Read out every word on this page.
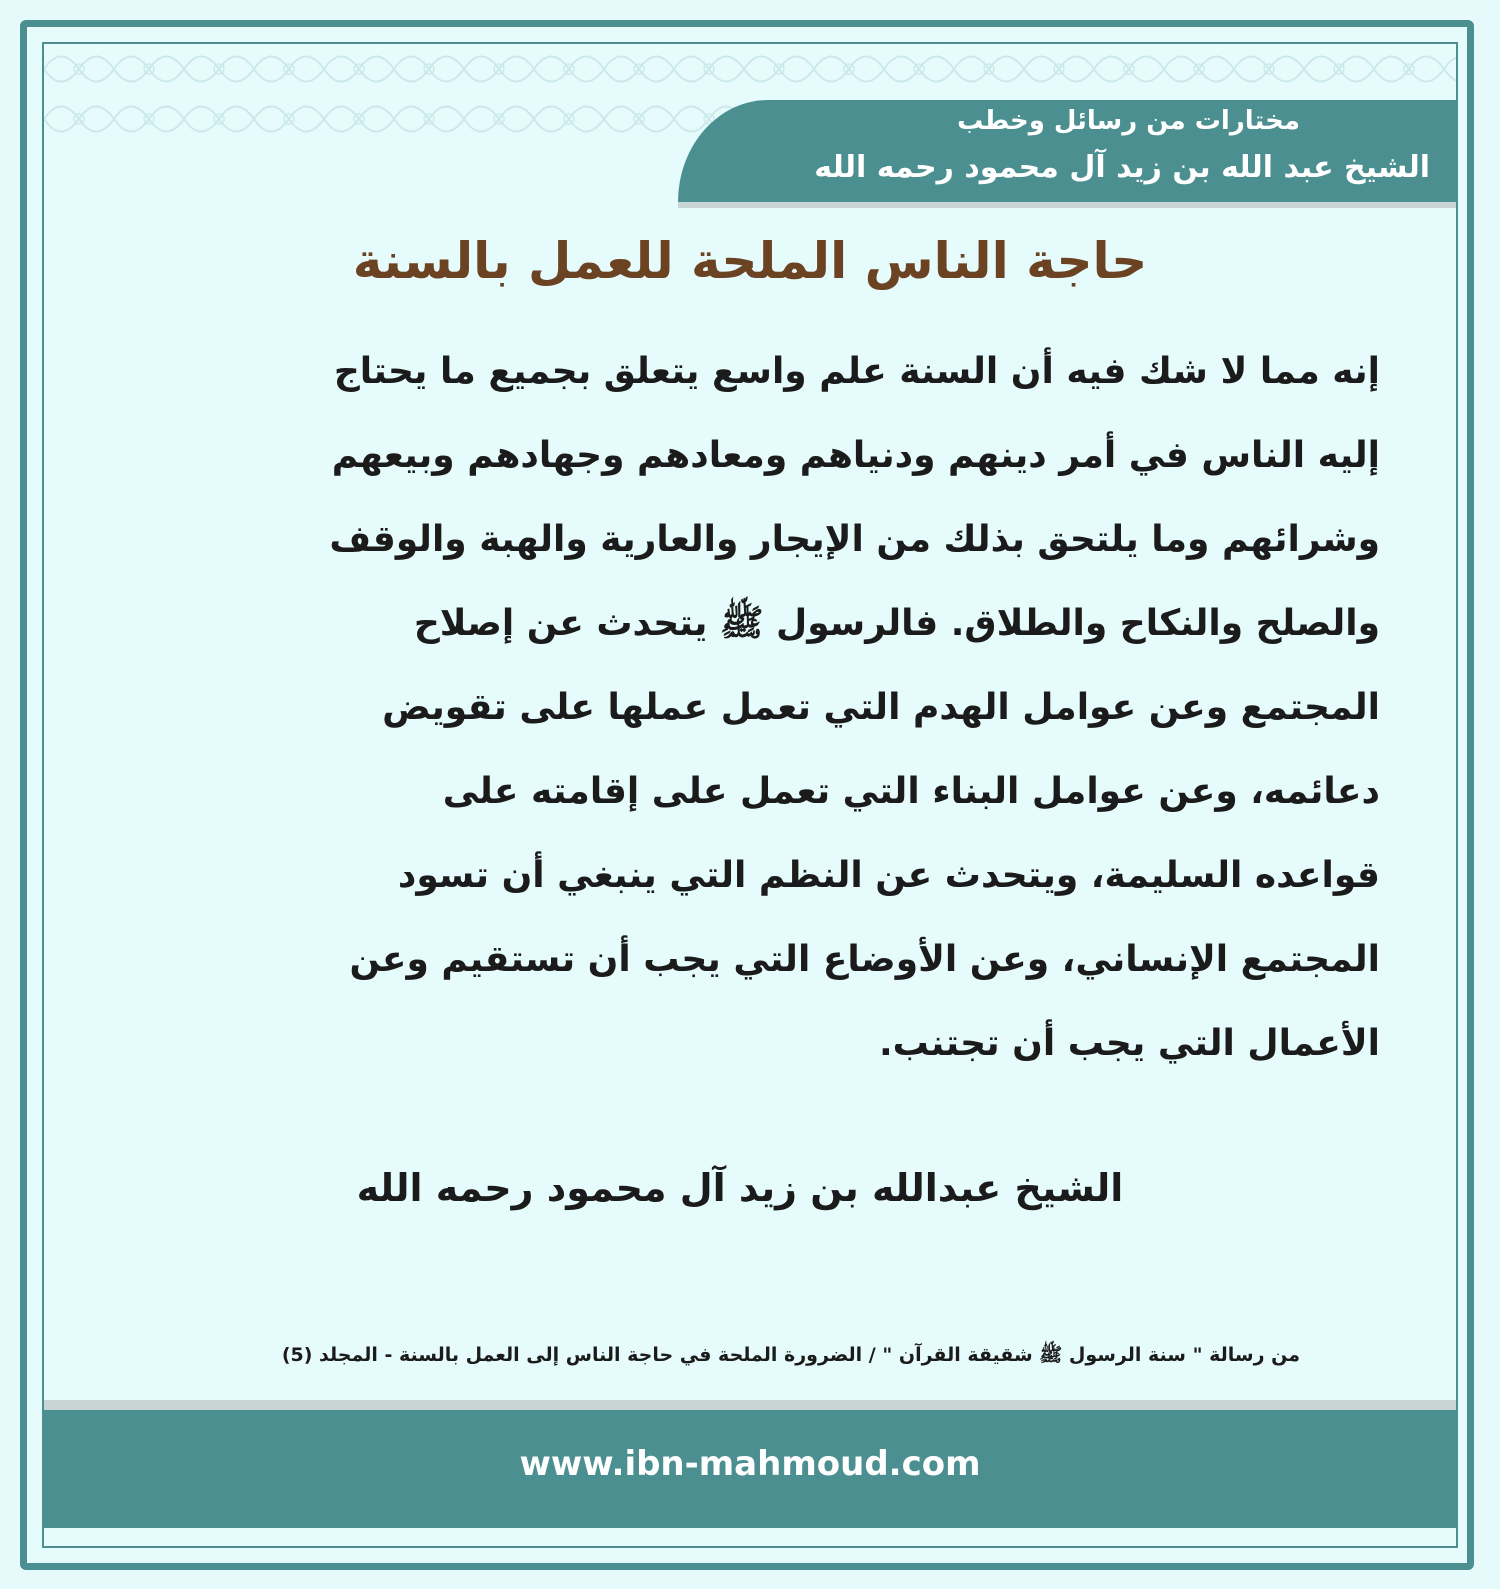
مختارات من رسائل وخطب
الشيخ عبد الله بن زيد آل محمود رحمه الله
حاجة الناس الملحة للعمل بالسنة
إنه مما لا شك فيه أن السنة علم واسع يتعلق بجميع ما يحتاج
إليه الناس في أمر دينهم ودنياهم ومعادهم وجهادهم وبيعهم
وشرائهم وما يلتحق بذلك من الإيجار والعارية والهبة والوقف
والصلح والنكاح والطلاق. فالرسول ﷺ يتحدث عن إصلاح
المجتمع وعن عوامل الهدم التي تعمل عملها على تقويض
دعائمه، وعن عوامل البناء التي تعمل على إقامته على
قواعده السليمة، ويتحدث عن النظم التي ينبغي أن تسود
المجتمع الإنساني، وعن الأوضاع التي يجب أن تستقيم وعن
الأعمال التي يجب أن تجتنب.
الشيخ عبدالله بن زيد آل محمود رحمه الله
من رسالة " سنة الرسول ﷺ شقيقة القرآن " / الضرورة الملحة في حاجة الناس إلى العمل بالسنة - المجلد (5)
www.ibn-mahmoud.com
